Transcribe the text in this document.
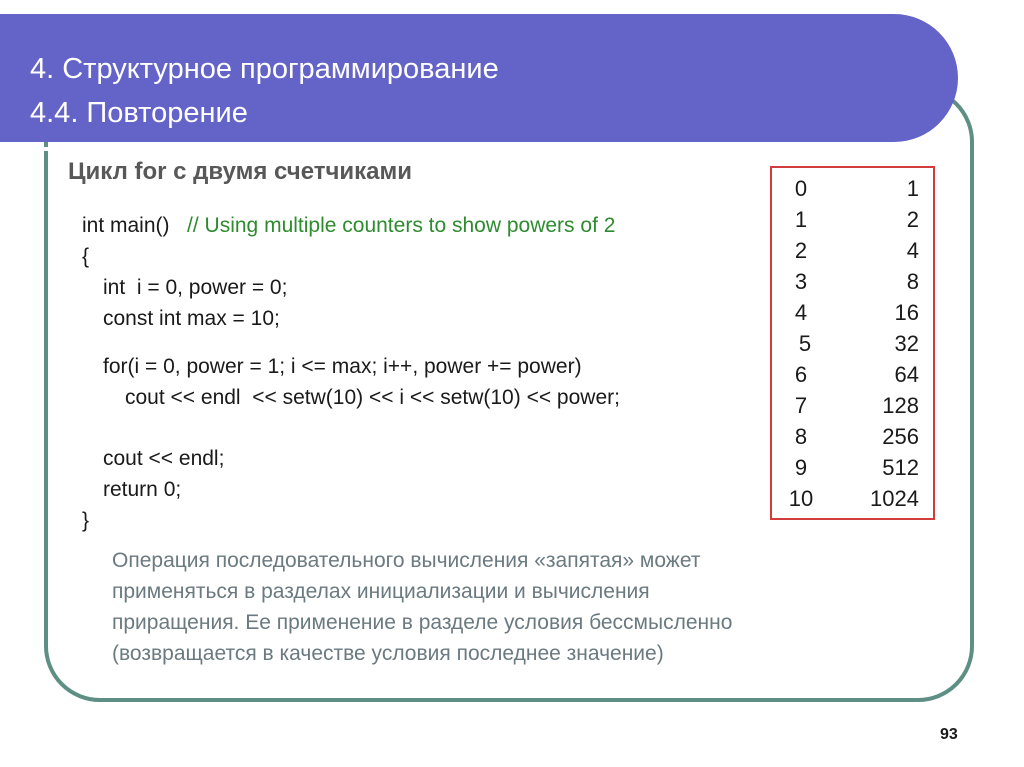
4. Структурное программирование
4.4. Повторение
Цикл for с двумя счетчиками
int main() // Using multiple counters to show powers of 2
{
int  i = 0, power = 0;
const int max = 10;
for(i = 0, power = 1; i <= max; i++, power += power)
cout << endl  << setw(10) << i << setw(10) << power;
cout << endl;
return 0;
}
0	1
1	2
2	4
3	8
4	16
5	32
6	64
7	128
8	256
9	512
10	1024
Операция последовательного вычисления «запятая» может
применяться в разделах инициализации и вычисления
приращения. Ее применение в разделе условия бессмысленно
(возвращается в качестве условия последнее значение)
93
